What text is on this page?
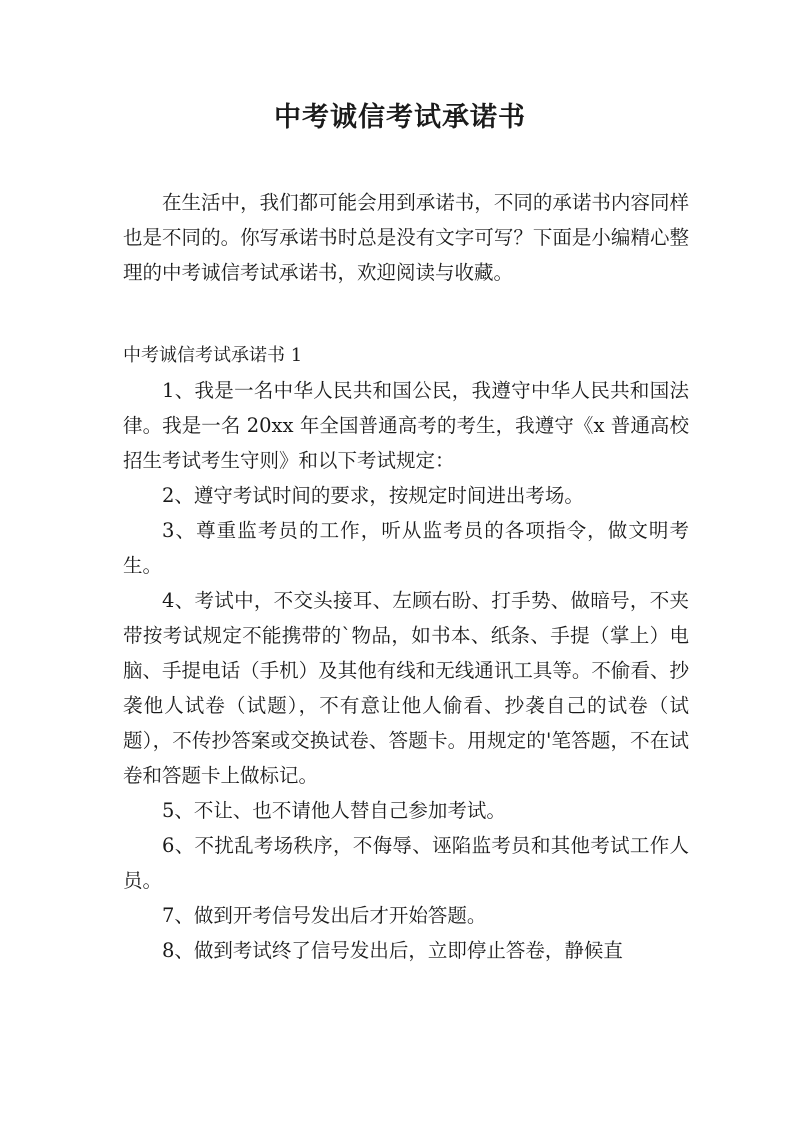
中考诚信考试承诺书

在生活中，我们都可能会用到承诺书，不同的承诺书内容同样也是不同的。你写承诺书时总是没有文字可写？下面是小编精心整理的中考诚信考试承诺书，欢迎阅读与收藏。

中考诚信考试承诺书 1

1、我是一名中华人民共和国公民，我遵守中华人民共和国法律。我是一名 20xx 年全国普通高考的考生，我遵守《x 普通高校招生考试考生守则》和以下考试规定：

2、遵守考试时间的要求，按规定时间进出考场。

3、尊重监考员的工作，听从监考员的各项指令，做文明考生。

4、考试中，不交头接耳、左顾右盼、打手势、做暗号，不夹带按考试规定不能携带的`物品，如书本、纸条、手提（掌上）电脑、手提电话（手机）及其他有线和无线通讯工具等。不偷看、抄袭他人试卷（试题），不有意让他人偷看、抄袭自己的试卷（试题），不传抄答案或交换试卷、答题卡。用规定的'笔答题，不在试卷和答题卡上做标记。

5、不让、也不请他人替自己参加考试。

6、不扰乱考场秩序，不侮辱、诬陷监考员和其他考试工作人员。

7、做到开考信号发出后才开始答题。

8、做到考试终了信号发出后，立即停止答卷，静候直
